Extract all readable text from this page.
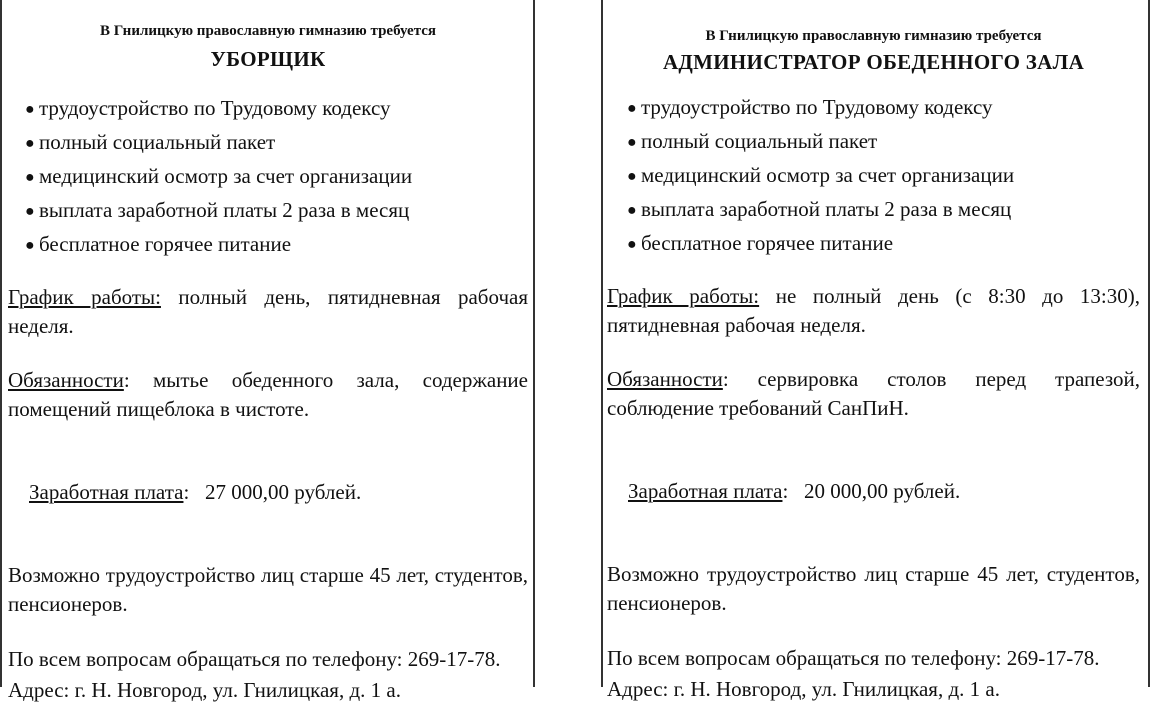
В Гнилицкую православную гимназию требуется

УБОРЩИК

● трудоустройство по Трудовому кодексу
● полный социальный пакет
● медицинский осмотр за счет организации
● выплата заработной платы 2 раза в месяц
● бесплатное горячее питание

График работы: полный день, пятидневная рабочая неделя.

Обязанности: мытье обеденного зала, содержание помещений пищеблока в чистоте.

Заработная плата:   27 000,00 рублей.

Возможно трудоустройство лиц старше 45 лет, студентов, пенсионеров.

По всем вопросам обращаться по телефону: 269-17-78.

Адрес: г. Н. Новгород, ул. Гнилицкая, д. 1 а.

В Гнилицкую православную гимназию требуется

АДМИНИСТРАТОР ОБЕДЕННОГО ЗАЛА

● трудоустройство по Трудовому кодексу
● полный социальный пакет
● медицинский осмотр за счет организации
● выплата заработной платы 2 раза в месяц
● бесплатное горячее питание

График работы: не полный день (с 8:30 до 13:30), пятидневная рабочая неделя.

Обязанности: сервировка столов перед трапезой, соблюдение требований СанПиН.

Заработная плата:   20 000,00 рублей.

Возможно трудоустройство лиц старше 45 лет, студентов, пенсионеров.

По всем вопросам обращаться по телефону: 269-17-78.

Адрес: г. Н. Новгород, ул. Гнилицкая, д. 1 а.
